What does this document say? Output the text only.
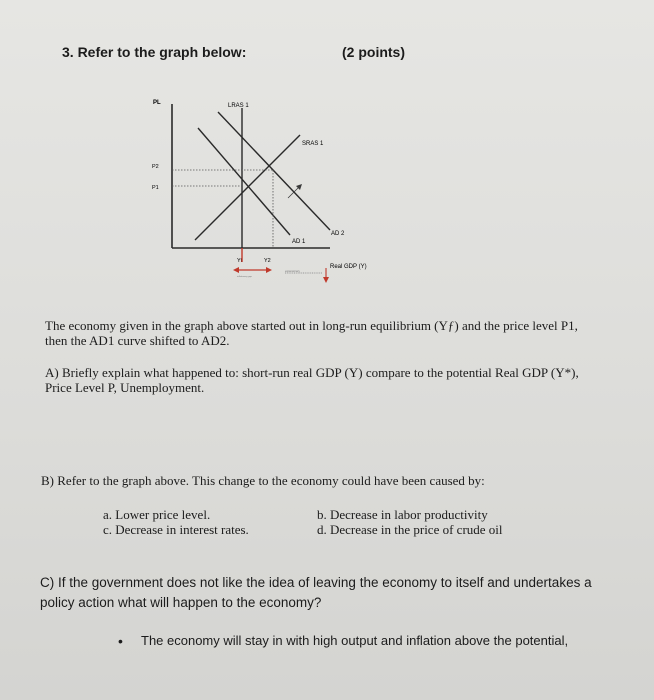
3. Refer to the graph below:	(2 points)
PL
Real GDP (Y)
LRAS 1
SRAS 1
AD 1
AD 2
P2
P1
Yf	Y2
inflationary gap
expansionary
The economy given in the graph above started out in long-run equilibrium (Yƒ) and the price level P1,
then the AD1 curve shifted to AD2.
A) Briefly explain what happened to: short-run real GDP (Y) compare to the potential Real GDP (Y*),
Price Level P, Unemployment.
B) Refer to the graph above. This change to the economy could have been caused by:
a. Lower price level.	b. Decrease in labor productivity
c. Decrease in interest rates.	d. Decrease in the price of crude oil
C) If the government does not like the idea of leaving the economy to itself and undertakes a
policy action what will happen to the economy?
• The economy will stay in with high output and inflation above the potential,
